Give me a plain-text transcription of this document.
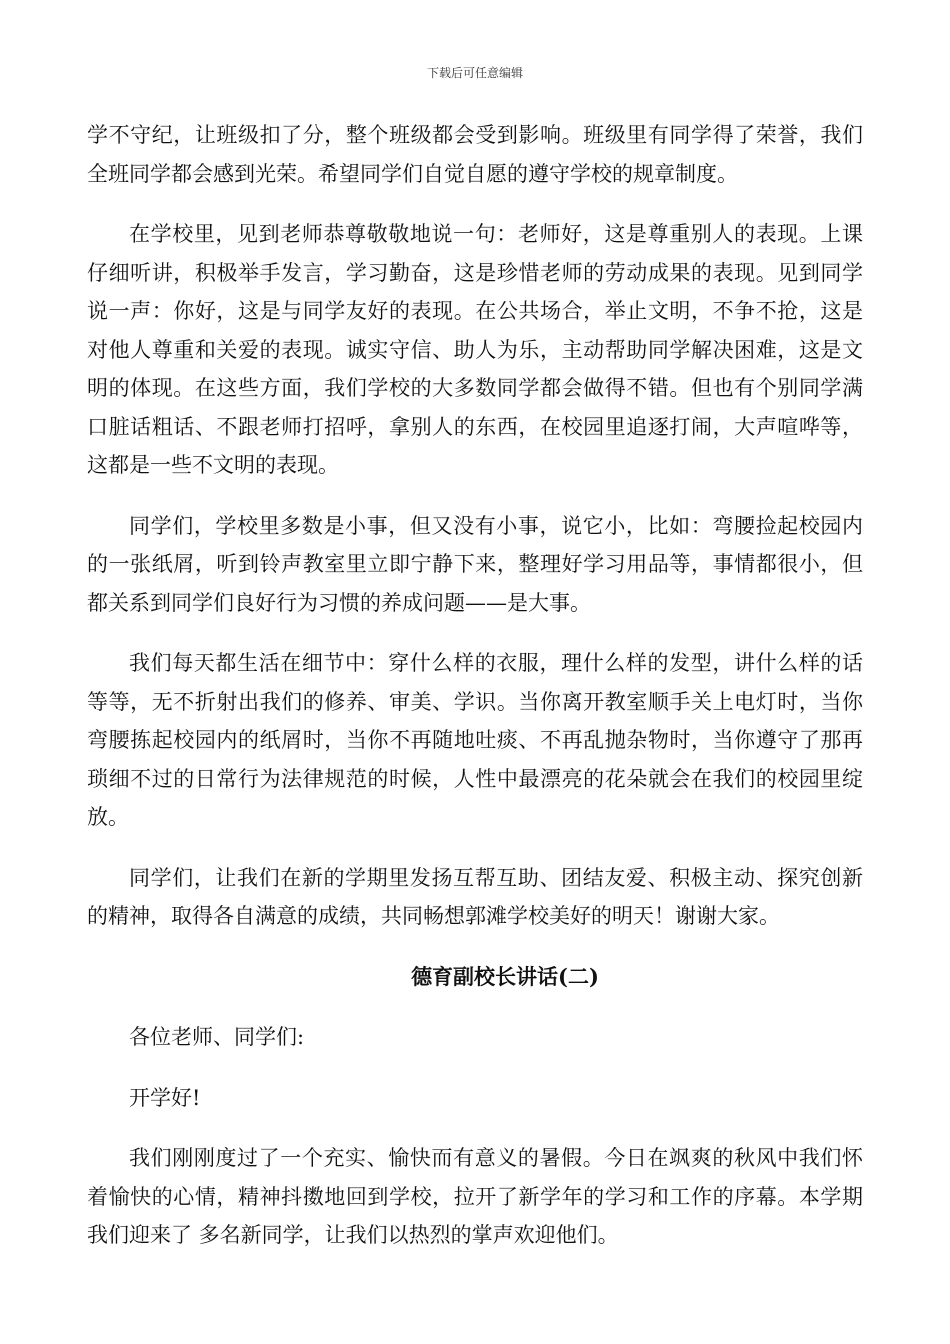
下载后可任意编辑

学不守纪，让班级扣了分，整个班级都会受到影响。班级里有同学得了荣誉，我们全班同学都会感到光荣。希望同学们自觉自愿的遵守学校的规章制度。

在学校里，见到老师恭尊敬敬地说一句：老师好，这是尊重别人的表现。上课仔细听讲，积极举手发言，学习勤奋，这是珍惜老师的劳动成果的表现。见到同学说一声：你好，这是与同学友好的表现。在公共场合，举止文明，不争不抢，这是对他人尊重和关爱的表现。诚实守信、助人为乐，主动帮助同学解决困难，这是文明的体现。在这些方面，我们学校的大多数同学都会做得不错。但也有个别同学满口脏话粗话、不跟老师打招呼，拿别人的东西，在校园里追逐打闹，大声喧哗等，这都是一些不文明的表现。

同学们，学校里多数是小事，但又没有小事，说它小，比如：弯腰捡起校园内的一张纸屑，听到铃声教室里立即宁静下来，整理好学习用品等，事情都很小，但都关系到同学们良好行为习惯的养成问题——是大事。

我们每天都生活在细节中：穿什么样的衣服，理什么样的发型，讲什么样的话等等，无不折射出我们的修养、审美、学识。当你离开教室顺手关上电灯时，当你弯腰拣起校园内的纸屑时，当你不再随地吐痰、不再乱抛杂物时，当你遵守了那再琐细不过的日常行为法律规范的时候，人性中最漂亮的花朵就会在我们的校园里绽放。

同学们，让我们在新的学期里发扬互帮互助、团结友爱、积极主动、探究创新的精神，取得各自满意的成绩，共同畅想郭滩学校美好的明天！谢谢大家。

德育副校长讲话(二)

各位老师、同学们:

开学好!

我们刚刚度过了一个充实、愉快而有意义的暑假。今日在飒爽的秋风中我们怀着愉快的心情，精神抖擞地回到学校，拉开了新学年的学习和工作的序幕。本学期我们迎来了 多名新同学，让我们以热烈的掌声欢迎他们。
